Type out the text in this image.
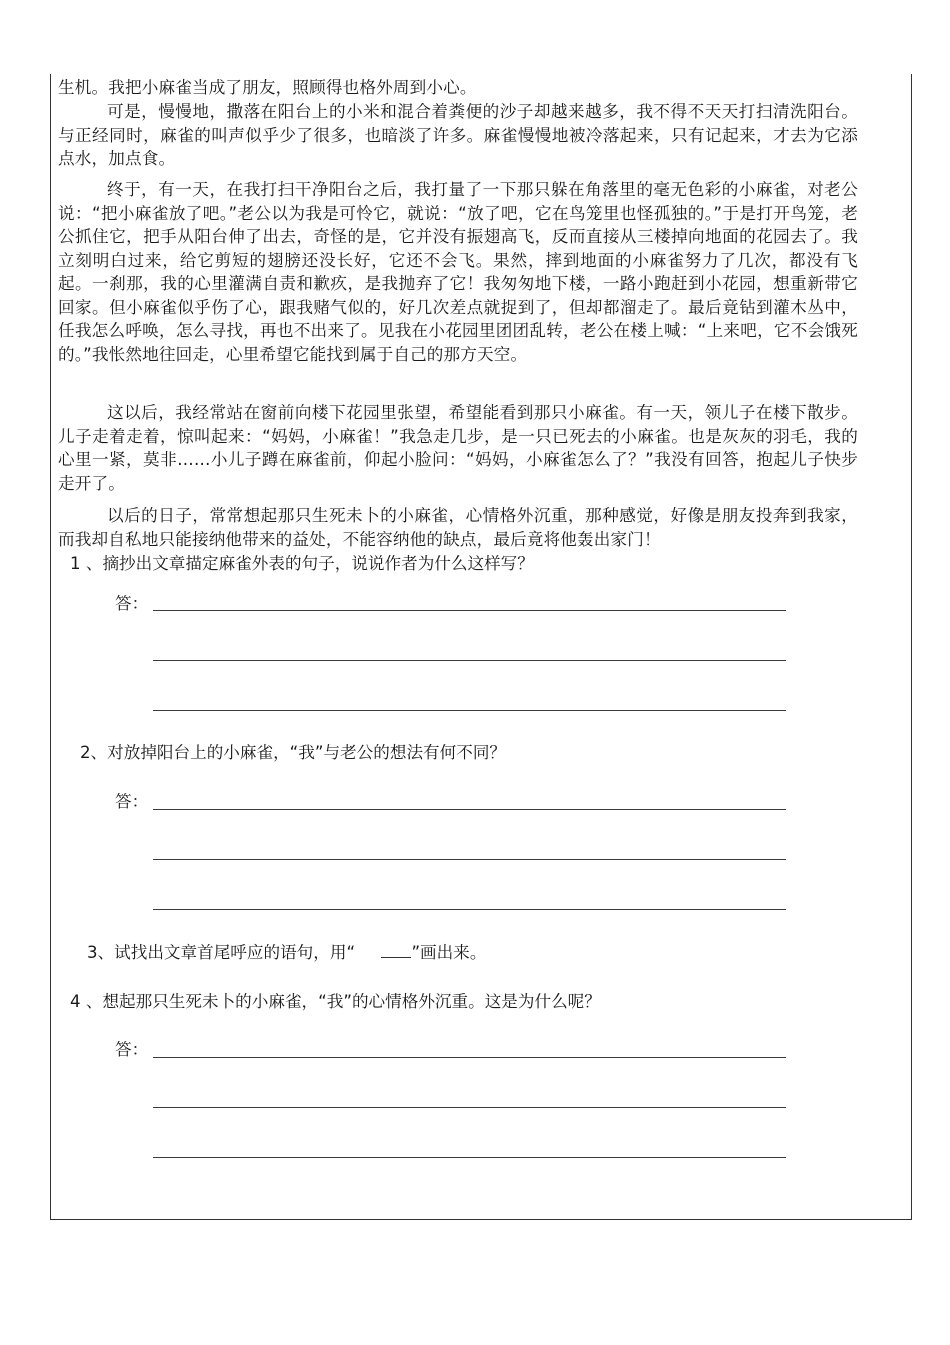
生机。我把小麻雀当成了朋友，照顾得也格外周到小心。

可是，慢慢地，撒落在阳台上的小米和混合着粪便的沙子却越来越多，我不得不天天打扫清洗阳台。与正经同时，麻雀的叫声似乎少了很多，也暗淡了许多。麻雀慢慢地被冷落起来，只有记起来，才去为它添点水，加点食。

终于，有一天，在我打扫干净阳台之后，我打量了一下那只躲在角落里的毫无色彩的小麻雀，对老公说：“把小麻雀放了吧。”老公以为我是可怜它，就说：“放了吧，它在鸟笼里也怪孤独的。”于是打开鸟笼，老公抓住它，把手从阳台伸了出去，奇怪的是，它并没有振翅高飞，反而直接从三楼掉向地面的花园去了。我立刻明白过来，给它剪短的翅膀还没长好，它还不会飞。果然，摔到地面的小麻雀努力了几次，都没有飞起。一刹那，我的心里灌满自责和歉疚，是我抛弃了它！我匆匆地下楼，一路小跑赶到小花园，想重新带它回家。但小麻雀似乎伤了心，跟我赌气似的，好几次差点就捉到了，但却都溜走了。最后竟钻到灌木丛中，任我怎么呼唤，怎么寻找，再也不出来了。见我在小花园里团团乱转，老公在楼上喊：“上来吧，它不会饿死的。”我怅然地往回走，心里希望它能找到属于自己的那方天空。

这以后，我经常站在窗前向楼下花园里张望，希望能看到那只小麻雀。有一天，领儿子在楼下散步。儿子走着走着，惊叫起来：“妈妈，小麻雀！”我急走几步，是一只已死去的小麻雀。也是灰灰的羽毛，我的心里一紧，莫非……小儿子蹲在麻雀前，仰起小脸问：“妈妈，小麻雀怎么了？”我没有回答，抱起儿子快步走开了。

以后的日子，常常想起那只生死未卜的小麻雀，心情格外沉重，那种感觉，好像是朋友投奔到我家，而我却自私地只能接纳他带来的益处，不能容纳他的缺点，最后竟将他轰出家门！

1 、摘抄出文章描定麻雀外表的句子，说说作者为什么这样写？
答：
2、对放掉阳台上的小麻雀，“我”与老公的想法有何不同？
答：
3、试找出文章首尾呼应的语句，用“	”画出来。
4 、想起那只生死未卜的小麻雀，“我”的心情格外沉重。这是为什么呢？
答：
